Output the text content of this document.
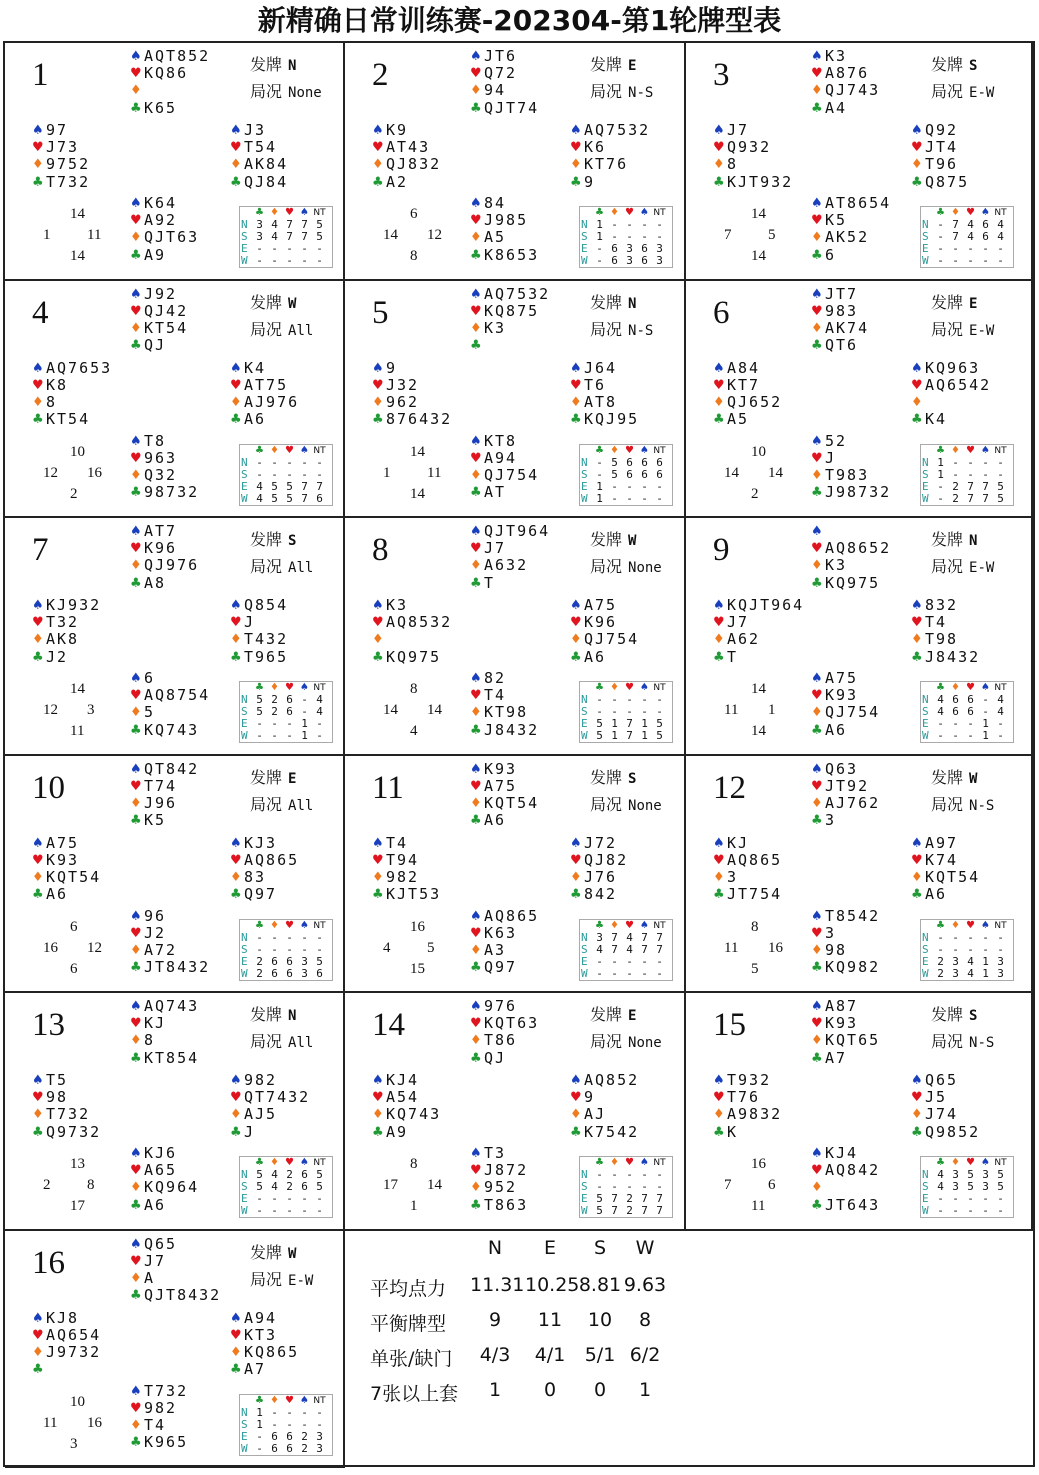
新精确日常训练赛-202304-第1轮牌型表
1
♠ AQT852
♥ KQ86
♦
♣ K65
♠ 97
♥ J73
♦ 9752
♣ T732
♠ J3
♥ T54
♦ AK84
♣ QJ84
♠ K64
♥ A92
♦ QJT63
♣ A9
发牌 N
局况 None
14
1 11
14
♣ ♦ ♥ ♠ NT
N 3 4 7 7 5
S 3 4 7 7 5
E - - - - -
W - - - - -
2
♠ JT6
♥ Q72
♦ 94
♣ QJT74
♠ K9
♥ AT43
♦ QJ832
♣ A2
♠ AQ7532
♥ K6
♦ KT76
♣ 9
♠ 84
♥ J985
♦ A5
♣ K8653
发牌 E
局况 N-S
6
14 12
8
♣ ♦ ♥ ♠ NT
N 1 - - - -
S 1 - - - -
E - 6 3 6 3
W - 6 3 6 3
3
♠ K3
♥ A876
♦ QJ743
♣ A4
♠ J7
♥ Q932
♦ 8
♣ KJT932
♠ Q92
♥ JT4
♦ T96
♣ Q875
♠ AT8654
♥ K5
♦ AK52
♣ 6
发牌 S
局况 E-W
14
7 5
14
♣ ♦ ♥ ♠ NT
N - 7 4 6 4
S - 7 4 6 4
E - - - - -
W - - - - -
4
♠ J92
♥ QJ42
♦ KT54
♣ QJ
♠ AQ7653
♥ K8
♦ 8
♣ KT54
♠ K4
♥ AT75
♦ AJ976
♣ A6
♠ T8
♥ 963
♦ Q32
♣ 98732
发牌 W
局况 All
10
12 16
2
♣ ♦ ♥ ♠ NT
N - - - - -
S - - - - -
E 4 5 5 7 7
W 4 5 5 7 6
5
♠ AQ7532
♥ KQ875
♦ K3
♣
♠ 9
♥ J32
♦ 962
♣ 876432
♠ J64
♥ T6
♦ AT8
♣ KQJ95
♠ KT8
♥ A94
♦ QJ754
♣ AT
发牌 N
局况 N-S
14
1 11
14
♣ ♦ ♥ ♠ NT
N - 5 6 6 6
S - 5 6 6 6
E 1 - - - -
W 1 - - - -
6
♠ JT7
♥ 983
♦ AK74
♣ QT6
♠ A84
♥ KT7
♦ QJ652
♣ A5
♠ KQ963
♥ AQ6542
♦
♣ K4
♠ 52
♥ J
♦ T983
♣ J98732
发牌 E
局况 E-W
10
14 14
2
♣ ♦ ♥ ♠ NT
N 1 - - - -
S 1 - - - -
E - 2 7 7 5
W - 2 7 7 5
7
♠ AT7
♥ K96
♦ QJ976
♣ A8
♠ KJ932
♥ T32
♦ AK8
♣ J2
♠ Q854
♥ J
♦ T432
♣ T965
♠ 6
♥ AQ8754
♦ 5
♣ KQ743
发牌 S
局况 All
14
12 3
11
♣ ♦ ♥ ♠ NT
N 5 2 6 - 4
S 5 2 6 - 4
E - - - 1 -
W - - - 1 -
8
♠ QJT964
♥ J7
♦ A632
♣ T
♠ K3
♥ AQ8532
♦
♣ KQ975
♠ A75
♥ K96
♦ QJ754
♣ A6
♠ 82
♥ T4
♦ KT98
♣ J8432
发牌 W
局况 None
8
14 14
4
♣ ♦ ♥ ♠ NT
N - - - - -
S - - - - -
E 5 1 7 1 5
W 5 1 7 1 5
9
♠
♥ AQ8652
♦ K3
♣ KQ975
♠ KQJT964
♥ J7
♦ A62
♣ T
♠ 832
♥ T4
♦ T98
♣ J8432
♠ A75
♥ K93
♦ QJ754
♣ A6
发牌 N
局况 E-W
14
11 1
14
♣ ♦ ♥ ♠ NT
N 4 6 6 - 4
S 4 6 6 - 4
E - - - 1 -
W - - - 1 -
10
♠ QT842
♥ T74
♦ J96
♣ K5
♠ A75
♥ K93
♦ KQT54
♣ A6
♠ KJ3
♥ AQ865
♦ 83
♣ Q97
♠ 96
♥ J2
♦ A72
♣ JT8432
发牌 E
局况 All
6
16 12
6
♣ ♦ ♥ ♠ NT
N - - - - -
S - - - - -
E 2 6 6 3 5
W 2 6 6 3 6
11
♠ K93
♥ A75
♦ KQT54
♣ A6
♠ T4
♥ T94
♦ 982
♣ KJT53
♠ J72
♥ QJ82
♦ J76
♣ 842
♠ AQ865
♥ K63
♦ A3
♣ Q97
发牌 S
局况 None
16
4 5
15
♣ ♦ ♥ ♠ NT
N 3 7 4 7 7
S 4 7 4 7 7
E - - - - -
W - - - - -
12
♠ Q63
♥ JT92
♦ AJ762
♣ 3
♠ KJ
♥ AQ865
♦ 3
♣ JT754
♠ A97
♥ K74
♦ KQT54
♣ A6
♠ T8542
♥ 3
♦ 98
♣ KQ982
发牌 W
局况 N-S
8
11 16
5
♣ ♦ ♥ ♠ NT
N - - - - -
S - - - - -
E 2 3 4 1 3
W 2 3 4 1 3
13
♠ AQ743
♥ KJ
♦ 8
♣ KT854
♠ T5
♥ 98
♦ T732
♣ Q9732
♠ 982
♥ QT7432
♦ AJ5
♣ J
♠ KJ6
♥ A65
♦ KQ964
♣ A6
发牌 N
局况 All
13
2 8
17
♣ ♦ ♥ ♠ NT
N 5 4 2 6 5
S 5 4 2 6 5
E - - - - -
W - - - - -
14
♠ 976
♥ KQT63
♦ T86
♣ QJ
♠ KJ4
♥ A54
♦ KQ743
♣ A9
♠ AQ852
♥ 9
♦ AJ
♣ K7542
♠ T3
♥ J872
♦ 952
♣ T863
发牌 E
局况 None
8
17 14
1
♣ ♦ ♥ ♠ NT
N - - - - -
S - - - - -
E 5 7 2 7 7
W 5 7 2 7 7
15
♠ A87
♥ K93
♦ KQT65
♣ A7
♠ T932
♥ T76
♦ A9832
♣ K
♠ Q65
♥ J5
♦ J74
♣ Q9852
♠ KJ4
♥ AQ842
♦
♣ JT643
发牌 S
局况 N-S
16
7 6
11
♣ ♦ ♥ ♠ NT
N 4 3 5 3 5
S 4 3 5 3 5
E - - - - -
W - - - - -
16
♠ Q65
♥ J7
♦ A
♣ QJT8432
♠ KJ8
♥ AQ654
♦ J9732
♣
♠ A94
♥ KT3
♦ KQ865
♣ A7
♠ T732
♥ 982
♦ T4
♣ K965
发牌 W
局况 E-W
10
11 16
3
♣ ♦ ♥ ♠ NT
N 1 - - - -
S 1 - - - -
E - 6 6 2 3
W - 6 6 2 3
N	E	S	W
平均点力 11.31 10.25 8.81 9.63
平衡牌型	9	11	10	8
单张/缺门	4/3	4/1	5/1 6/2
7张以上套	1	0	0	1
